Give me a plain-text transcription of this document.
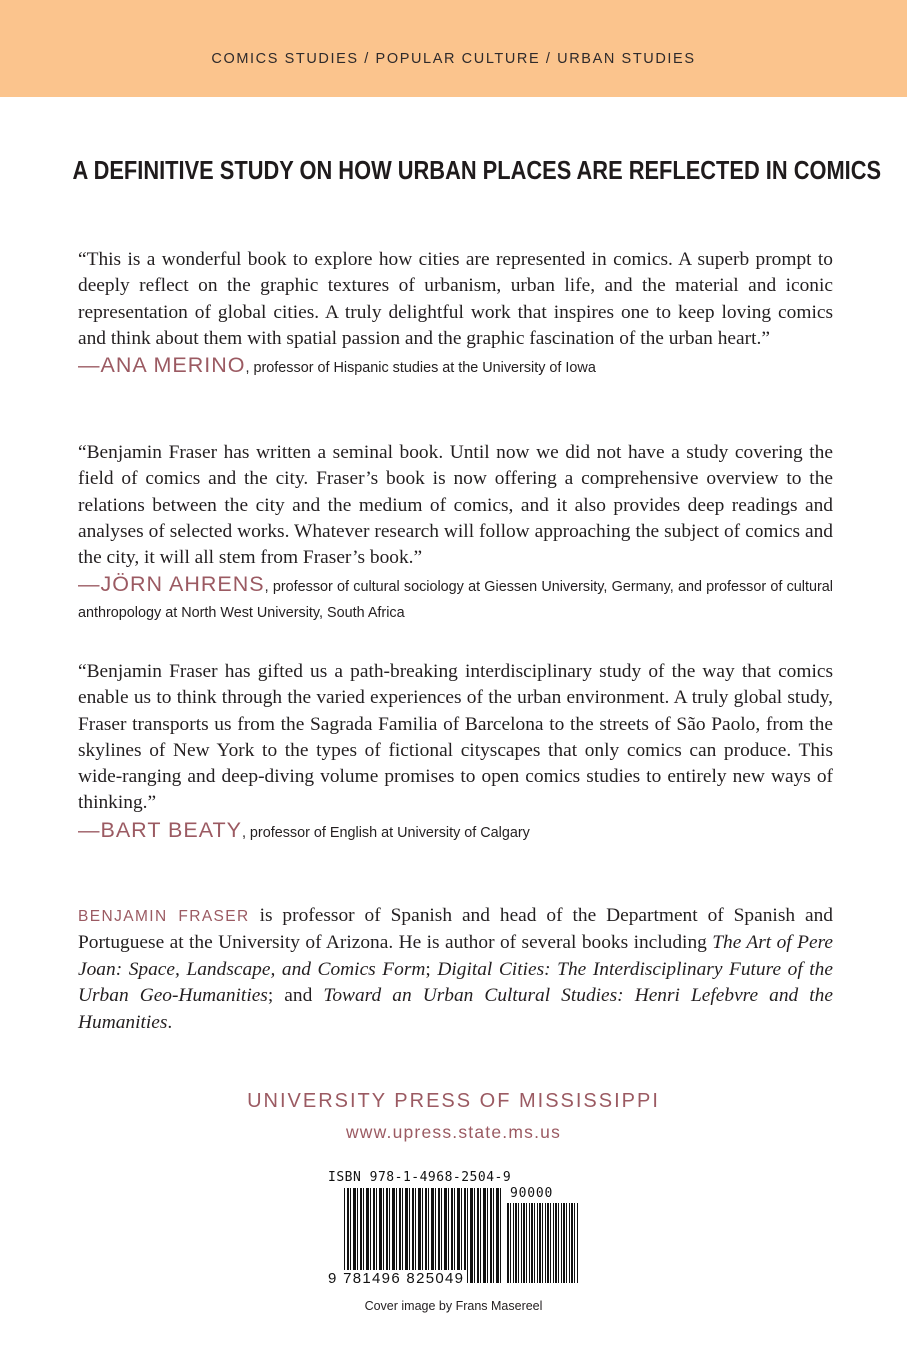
COMICS STUDIES / POPULAR CULTURE / URBAN STUDIES
A DEFINITIVE STUDY ON HOW URBAN PLACES ARE REFLECTED IN COMICS

“This is a wonderful book to explore how cities are represented in comics. A superb prompt to deeply reflect on the graphic textures of urbanism, urban life, and the material and iconic representation of global cities. A truly delightful work that inspires one to keep loving comics and think about them with spatial passion and the graphic fascination of the urban heart.”

—ANA MERINO, professor of Hispanic studies at the University of Iowa

“Benjamin Fraser has written a seminal book. Until now we did not have a study covering the field of comics and the city. Fraser’s book is now offering a comprehensive overview to the relations between the city and the medium of comics, and it also provides deep readings and analyses of selected works. Whatever research will follow approaching the subject of comics and the city, it will all stem from Fraser’s book.”

—JÖRN AHRENS, professor of cultural sociology at Giessen University, Germany, and professor of cultural anthropology at North West University, South Africa

“Benjamin Fraser has gifted us a path-breaking interdisciplinary study of the way that comics enable us to think through the varied experiences of the urban environment. A truly global study, Fraser transports us from the Sagrada Familia of Barcelona to the streets of São Paolo, from the skylines of New York to the types of fictional cityscapes that only comics can produce. This wide-ranging and deep-diving volume promises to open comics studies to entirely new ways of thinking.”

—BART BEATY, professor of English at University of Calgary

BENJAMIN FRASER is professor of Spanish and head of the Department of Spanish and Portuguese at the University of Arizona. He is author of several books including The Art of Pere Joan: Space, Landscape, and Comics Form; Digital Cities: The Interdisciplinary Future of the Urban Geo-Humanities; and Toward an Urban Cultural Studies: Henri Lefebvre and the Humanities.

UNIVERSITY PRESS OF MISSISSIPPI
www.upress.state.ms.us
ISBN 978-1-4968-2504-9
90000
9 781496 825049
Cover image by Frans Masereel
